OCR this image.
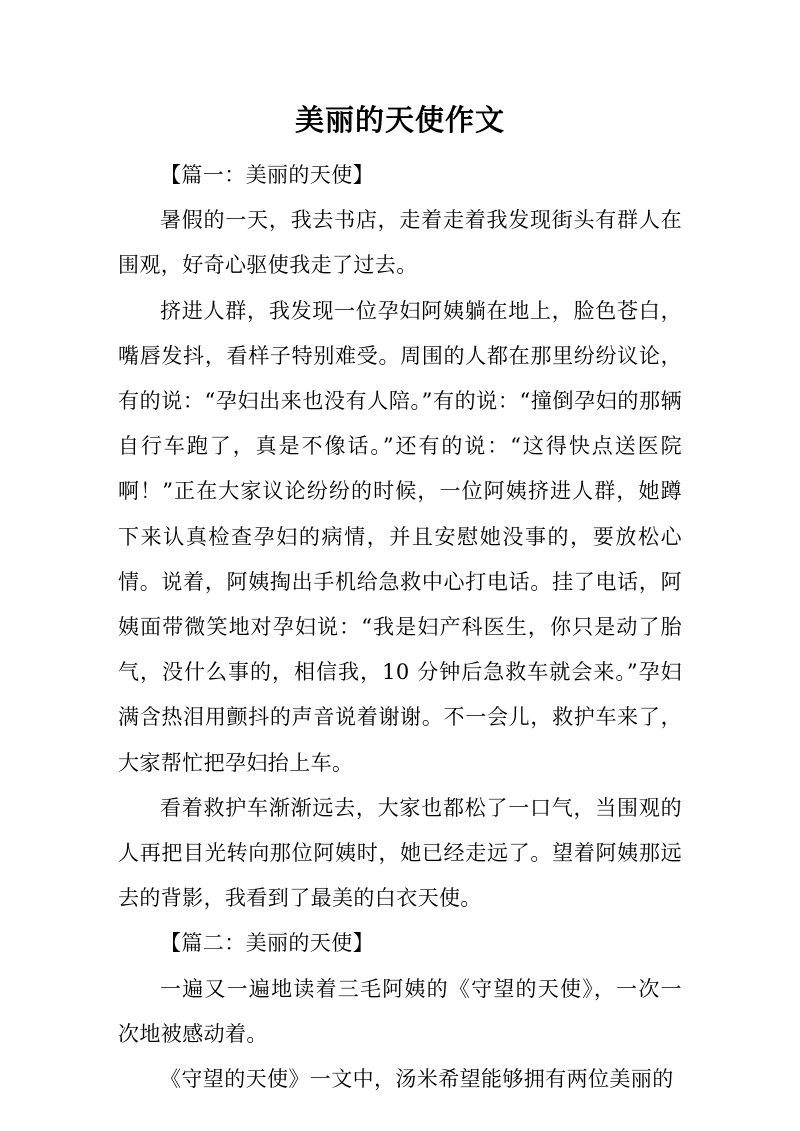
美丽的天使作文

【篇一：美丽的天使】

暑假的一天，我去书店，走着走着我发现街头有群人在围观，好奇心驱使我走了过去。

挤进人群，我发现一位孕妇阿姨躺在地上，脸色苍白，嘴唇发抖，看样子特别难受。周围的人都在那里纷纷议论，有的说：“孕妇出来也没有人陪。”有的说：“撞倒孕妇的那辆自行车跑了，真是不像话。”还有的说：“这得快点送医院啊！”正在大家议论纷纷的时候，一位阿姨挤进人群，她蹲下来认真检查孕妇的病情，并且安慰她没事的，要放松心情。说着，阿姨掏出手机给急救中心打电话。挂了电话，阿姨面带微笑地对孕妇说：“我是妇产科医生，你只是动了胎气，没什么事的，相信我，10 分钟后急救车就会来。”孕妇满含热泪用颤抖的声音说着谢谢。不一会儿，救护车来了，大家帮忙把孕妇抬上车。

看着救护车渐渐远去，大家也都松了一口气，当围观的人再把目光转向那位阿姨时，她已经走远了。望着阿姨那远去的背影，我看到了最美的白衣天使。

【篇二：美丽的天使】

一遍又一遍地读着三毛阿姨的《守望的天使》，一次一次地被感动着。

《守望的天使》一文中，汤米希望能够拥有两位美丽的
